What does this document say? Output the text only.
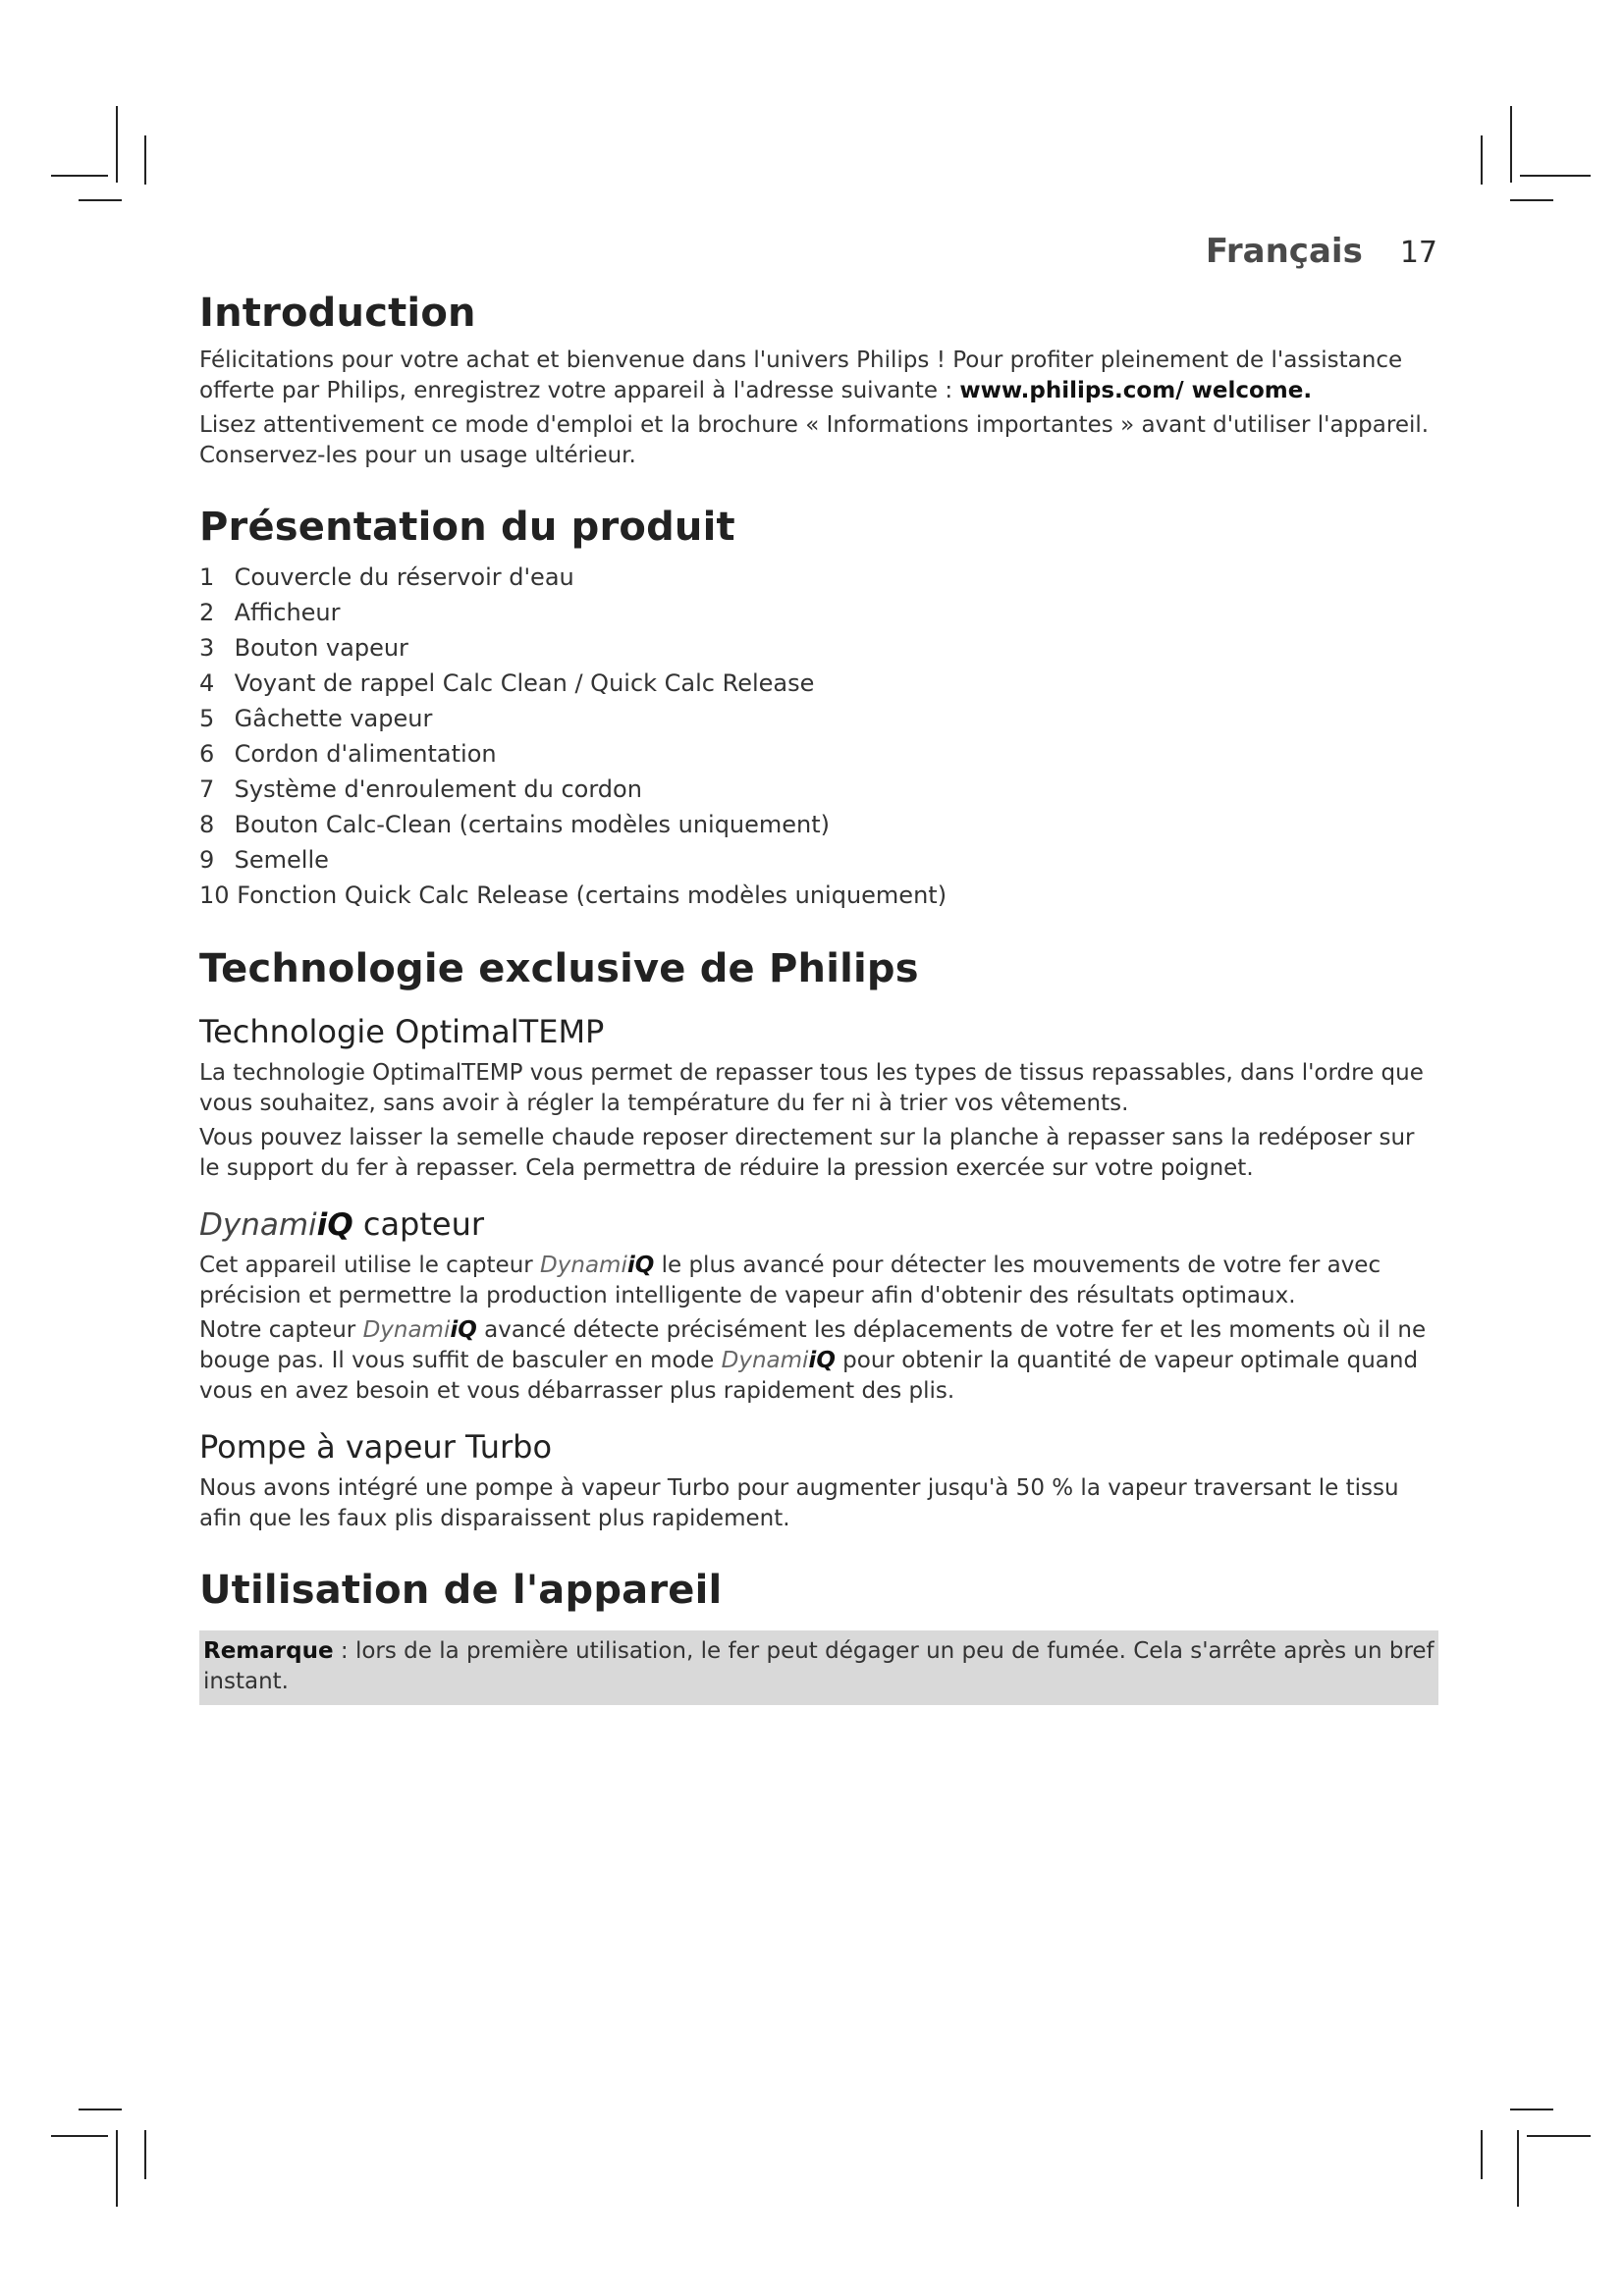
Français 17
Introduction

Félicitations pour votre achat et bienvenue dans l'univers Philips ! Pour profiter pleinement de l'assistance offerte par Philips, enregistrez votre appareil à l'adresse suivante : www.philips.com/ welcome.

Lisez attentivement ce mode d'emploi et la brochure « Informations importantes » avant d'utiliser l'appareil. Conservez-les pour un usage ultérieur.

Présentation du produit
1 Couvercle du réservoir d'eau
2 Afficheur
3 Bouton vapeur
4 Voyant de rappel Calc Clean / Quick Calc Release
5 Gâchette vapeur
6 Cordon d'alimentation
7 Système d'enroulement du cordon
8 Bouton Calc-Clean (certains modèles uniquement)
9 Semelle
10 Fonction Quick Calc Release (certains modèles uniquement)
Technologie exclusive de Philips
Technologie OptimalTEMP

La technologie OptimalTEMP vous permet de repasser tous les types de tissus repassables, dans l'ordre que vous souhaitez, sans avoir à régler la température du fer ni à trier vos vêtements.

Vous pouvez laisser la semelle chaude reposer directement sur la planche à repasser sans la redéposer sur le support du fer à repasser. Cela permettra de réduire la pression exercée sur votre poignet.

DynamiiQ capteur

Cet appareil utilise le capteur DynamiiQ le plus avancé pour détecter les mouvements de votre fer avec précision et permettre la production intelligente de vapeur afin d'obtenir des résultats optimaux.

Notre capteur DynamiiQ avancé détecte précisément les déplacements de votre fer et les moments où il ne bouge pas. Il vous suffit de basculer en mode DynamiiQ pour obtenir la quantité de vapeur optimale quand vous en avez besoin et vous débarrasser plus rapidement des plis.

Pompe à vapeur Turbo

Nous avons intégré une pompe à vapeur Turbo pour augmenter jusqu'à 50 % la vapeur traversant le tissu afin que les faux plis disparaissent plus rapidement.

Utilisation de l'appareil
Remarque : lors de la première utilisation, le fer peut dégager un peu de fumée. Cela s'arrête après un bref instant.
